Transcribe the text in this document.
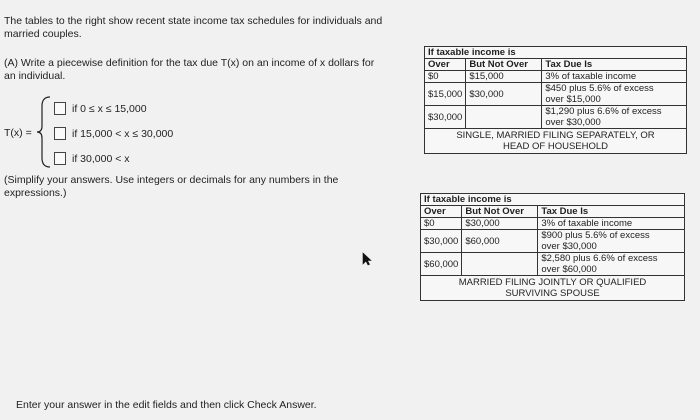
The tables to the right show recent state income tax schedules for individuals and
married couples.
(A) Write a piecewise definition for the tax due T(x) on an income of x dollars for
an individual.
T(x) =
if 0 ≤ x ≤ 15,000
if 15,000 < x ≤ 30,000
if 30,000 < x
(Simplify your answers. Use integers or decimals for any numbers in the
expressions.)
If taxable income is		
Over	But Not Over	Tax Due Is
$0	$15,000	3% of taxable income
$15,000	$30,000	$450 plus 5.6% of excess
over $15,000

$30,000		$1,290 plus 6.6% of excess
over $30,000

SINGLE, MARRIED FILING SEPARATELY, OR
HEAD OF HOUSEHOLD		
If taxable income is		
Over	But Not Over	Tax Due Is
$0	$30,000	3% of taxable income
$30,000	$60,000	$900 plus 5.6% of excess
over $30,000

$60,000		$2,580 plus 6.6% of excess
over $60,000

MARRIED FILING JOINTLY OR QUALIFIED
SURVIVING SPOUSE		
Enter your answer in the edit fields and then click Check Answer.
